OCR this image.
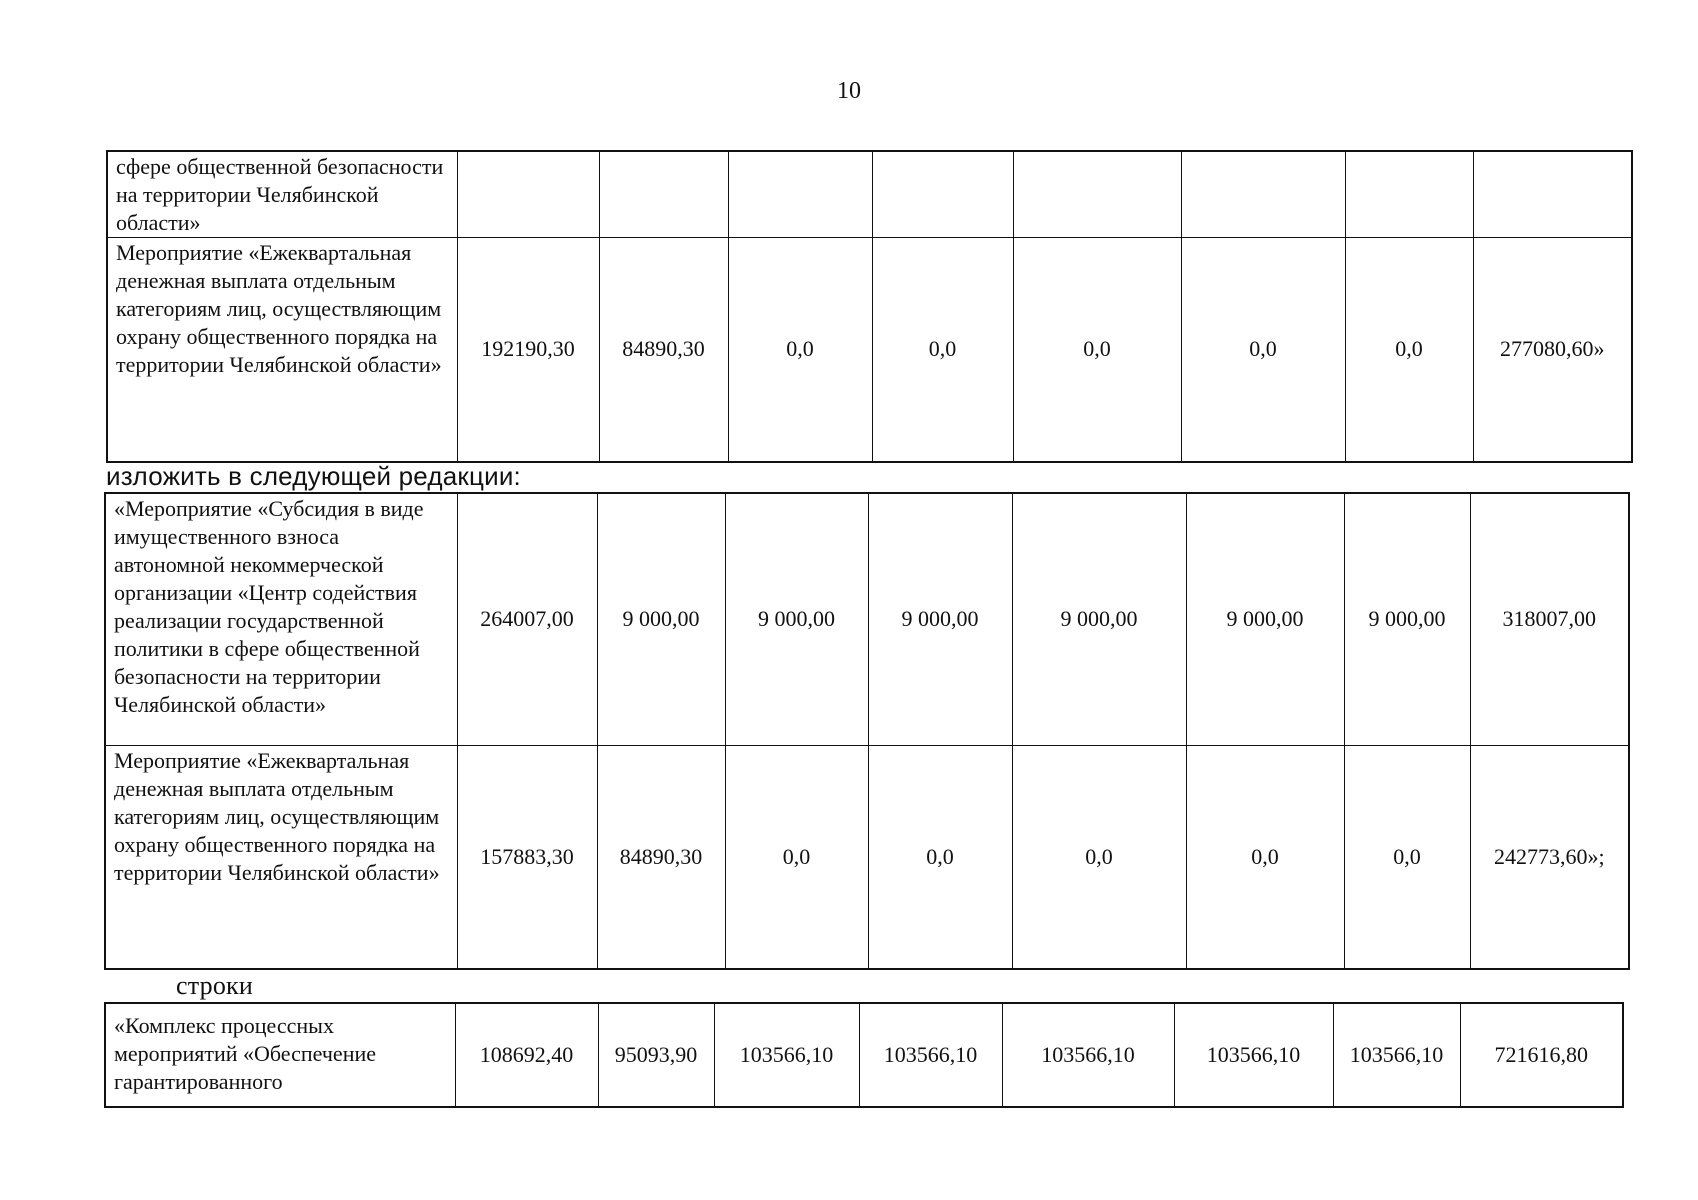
10
сфере общественной безопасности на территории Челябинской области»								
Мероприятие «Ежеквартальная денежная выплата отдельным категориям лиц, осуществляющим охрану общественного порядка на территории Челябинской области»	192190,30	84890,30	0,0	0,0	0,0	0,0	0,0	277080,60»
изложить в следующей редакции:
«Мероприятие «Субсидия в виде имущественного взноса автономной некоммерческой организации «Центр содействия реализации государственной политики в сфере общественной безопасности на территории Челябинской области»	264007,00	9 000,00	9 000,00	9 000,00	9 000,00	9 000,00	9 000,00	318007,00
Мероприятие «Ежеквартальная денежная выплата отдельным категориям лиц, осуществляющим охрану общественного порядка на территории Челябинской области»	157883,30	84890,30	0,0	0,0	0,0	0,0	0,0	242773,60»;
строки
«Комплекс процессных мероприятий «Обеспечение гарантированного	108692,40	95093,90	103566,10	103566,10	103566,10	103566,10	103566,10	721616,80
